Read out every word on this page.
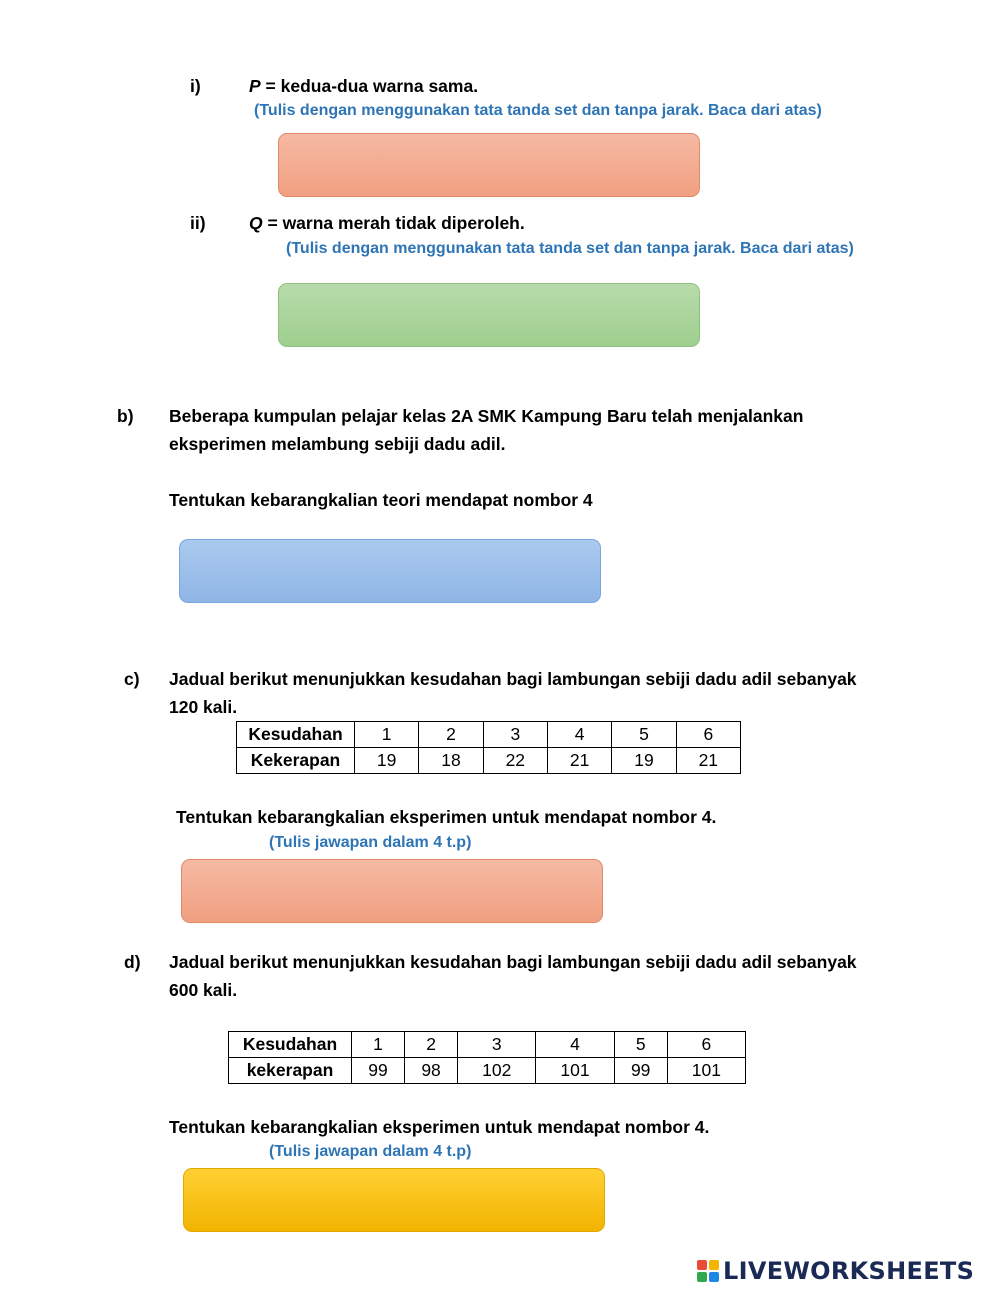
i)	P = kedua-dua warna sama.
(Tulis dengan menggunakan tata tanda set dan tanpa jarak. Baca dari atas)
ii) Q = warna merah tidak diperoleh.
(Tulis dengan menggunakan tata tanda set dan tanpa jarak. Baca dari atas)
b) Beberapa kumpulan pelajar kelas 2A SMK Kampung Baru telah menjalankan
eksperimen melambung sebiji dadu adil.
Tentukan kebarangkalian teori mendapat nombor 4
c) Jadual berikut menunjukkan kesudahan bagi lambungan sebiji dadu adil sebanyak
120 kali.
Kesudahan	1	2	3	4	5	6
Kekerapan	19	18	22	21	19	21
Tentukan kebarangkalian eksperimen untuk mendapat nombor 4.
(Tulis jawapan dalam 4 t.p)
d) Jadual berikut menunjukkan kesudahan bagi lambungan sebiji dadu adil sebanyak
600 kali.
Kesudahan	1	2	3	4	5	6
kekerapan	99	98	102	101	99	101
Tentukan kebarangkalian eksperimen untuk mendapat nombor 4.
(Tulis jawapan dalam 4 t.p)
LIVEWORKSHEETS
